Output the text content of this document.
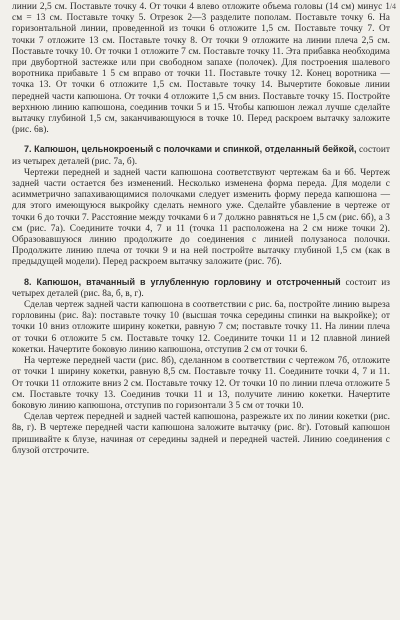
/4

линии 2,5 см. Поставьте точку 4. От точки 4 влево отложите объема головы (14 см) минус 1 см = 13 см. Поставьте точку 5. Отрезок 2—3 разделите пополам. Поставьте точку 6. На горизонтальной линии, проведенной из точки 6 отложите 1,5 см. Поставьте точку 7. От точки 7 отложите 13 см. Поставьте точку 8. От точки 9 отложите на линии плеча 2,5 см. Поставьте точку 10. От точки 1 отложите 7 см. Поставьте точку 11. Эта прибавка необходима при двубортной застежке или при свободном запахе (полочек). Для построения шалевого воротника прибавьте 1 5 см вправо от точки 11. Поставьте точку 12. Конец воротника — точка 13. От точки 6 отложите 1,5 см. Поставьте точку 14. Вычертите боковые линии передней части капюшона. От точки 4 отложите 1,5 см вниз. Поставьте точку 15. Постройте верхнюю линию капюшона, соединив точки 5 и 15. Чтобы капюшон лежал лучше сделайте вытачку глубиной 1,5 см, заканчивающуюся в точке 10. Перед раскроем вытачку заложите (рис. 6в).

7. Капюшон, цельнокроеный с полочками и спинкой, отделанный бейкой, состоит из четырех деталей (рис. 7а, б).

Чертежи передней и задней части капюшона соответствуют чертежам 6а и 6б. Чертеж задней части остается без изменений. Несколько изменена форма переда. Для модели с асимметрично запахивающимися полочками следует изменить форму переда капюшона — для этого имеющуюся выкройку сделать немного уже. Сделайте убавление в чертеже от точки 6 до точки 7. Расстояние между точками 6 и 7 должно равняться не 1,5 см (рис. 6б), а 3 см (рис. 7а). Соедините точки 4, 7 и 11 (точка 11 расположена на 2 см ниже точки 2). Образовавшуюся линию продолжите до соединения с линией полузаноса полочки. Продолжите линию плеча от точки 9 и на ней постройте вытачку глубиной 1,5 см (как в предыдущей модели). Перед раскроем вытачку заложите (рис. 7б).

8. Капюшон, втачанный в углубленную горловину и отстроченный состоит из четырех деталей (рис. 8а, б, в, г).

Сделав чертеж задней части капюшона в соответствии с рис. 6а, постройте линию выреза горловины (рис. 8а): поставьте точку 10 (высшая точка середины спинки на выкройке); от точки 10 вниз отложите ширину кокетки, равную 7 см; поставьте точку 11. На линии плеча от точки 6 отложите 5 см. Поставьте точку 12. Соедините точки 11 и 12 плавной линией кокетки. Начертите боковую линию капюшона, отступив 2 см от точки 6.

На чертеже передней части (рис. 8б), сделанном в соответствии с чертежом 7б, отложите от точки 1 ширину кокетки, равную 8,5 см. Поставьте точку 11. Соедините точки 4, 7 и 11. От точки 11 отложите вниз 2 см. Поставьте точку 12. От точки 10 по линии плеча отложите 5 см. Поставьте точку 13. Соединив точки 11 и 13, получите линию кокетки. Начертите боковую линию капюшона, отступив по горизонтали 3 5 см от точки 10.

Сделав чертеж передней и задней частей капюшона, разрежьте их по линии кокетки (рис. 8в, г). В чертеже передней части капюшона заложите вытачку (рис. 8г). Готовый капюшон пришивайте к блузе, начиная от середины задней и передней частей. Линию соединения с блузой отстрочите.
